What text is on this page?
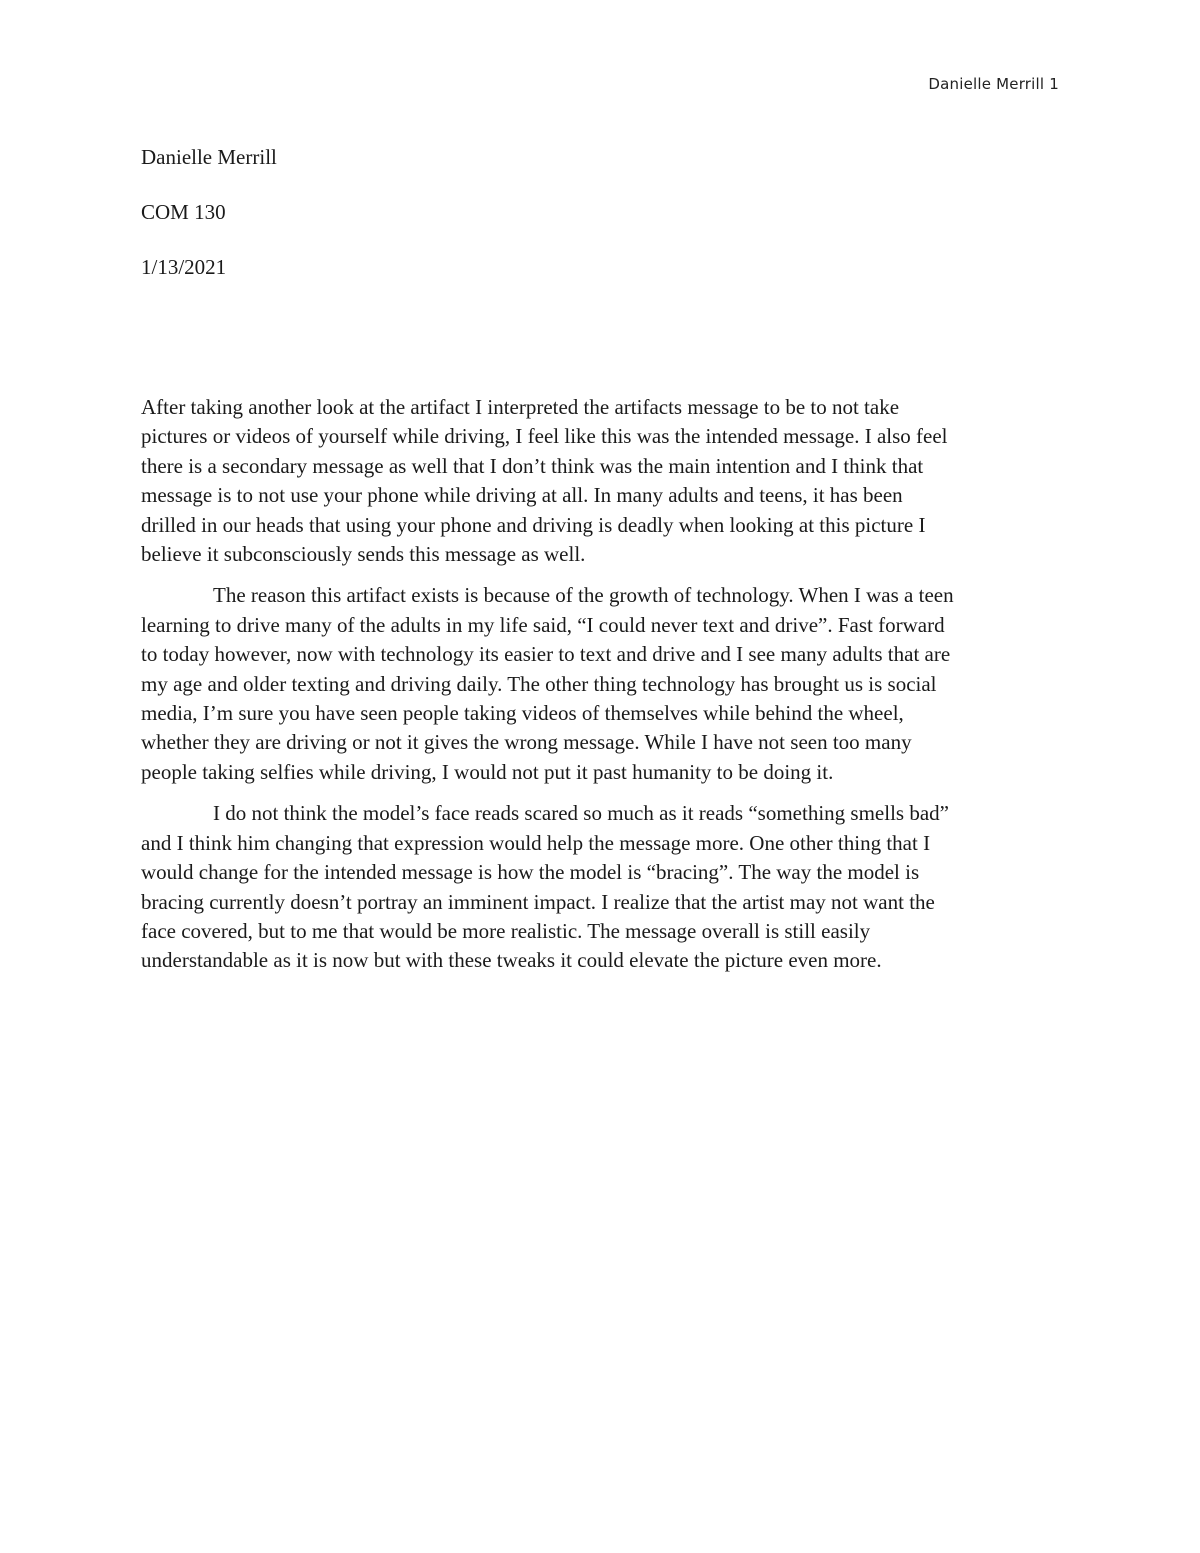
Danielle Merrill 1
Danielle Merrill
COM 130
1/13/2021

After taking another look at the artifact I interpreted the artifacts message to be to not take
pictures or videos of yourself while driving, I feel like this was the intended message. I also feel
there is a secondary message as well that I don’t think was the main intention and I think that
message is to not use your phone while driving at all. In many adults and teens, it has been
drilled in our heads that using your phone and driving is deadly when looking at this picture I
believe it subconsciously sends this message as well.

The reason this artifact exists is because of the growth of technology. When I was a teen
learning to drive many of the adults in my life said, “I could never text and drive”. Fast forward
to today however, now with technology its easier to text and drive and I see many adults that are
my age and older texting and driving daily. The other thing technology has brought us is social
media, I’m sure you have seen people taking videos of themselves while behind the wheel,
whether they are driving or not it gives the wrong message. While I have not seen too many
people taking selfies while driving, I would not put it past humanity to be doing it.

I do not think the model’s face reads scared so much as it reads “something smells bad”
and I think him changing that expression would help the message more. One other thing that I
would change for the intended message is how the model is “bracing”. The way the model is
bracing currently doesn’t portray an imminent impact. I realize that the artist may not want the
face covered, but to me that would be more realistic. The message overall is still easily
understandable as it is now but with these tweaks it could elevate the picture even more.
